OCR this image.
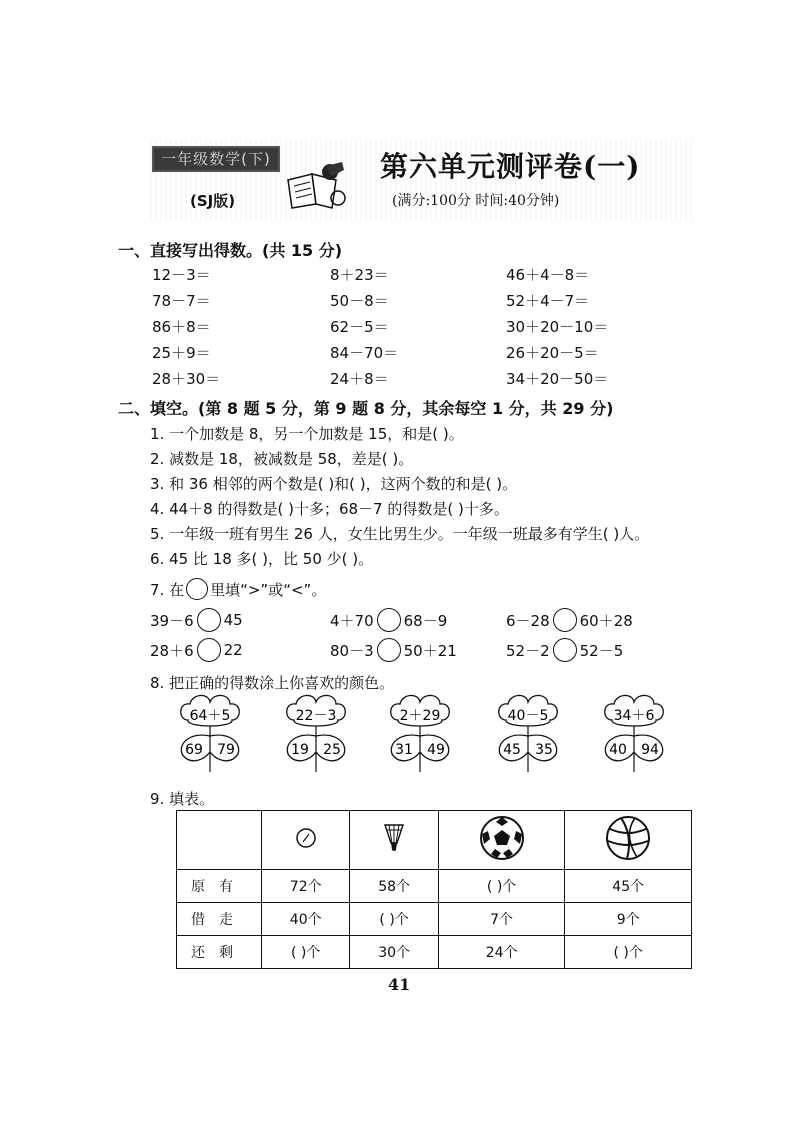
一年级数学(下)
(SJ版)
第六单元测评卷(一)
(满分:100分 时间:40分钟)
一、直接写出得数。(共 15 分)
12－3＝	8＋23＝	46＋4－8＝
78－7＝	50－8＝	52＋4－7＝
86＋8＝	62－5＝	30＋20－10＝
25＋9＝	84－70＝	26＋20－5＝
28＋30＝	24＋8＝	34＋20－50＝
二、填空。(第 8 题 5 分，第 9 题 8 分，其余每空 1 分，共 29 分)
1. 一个加数是 8，另一个加数是 15，和是( )。
2. 减数是 18，被减数是 58，差是( )。
3. 和 36 相邻的两个数是( )和( )，这两个数的和是( )。
4. 44＋8 的得数是( )十多；68－7 的得数是( )十多。
5. 一年级一班有男生 26 人，女生比男生少。一年级一班最多有学生( )人。
6. 45 比 18 多( )，比 50 少( )。
7. 在 里填“>”或“<”。
39－6 45	4＋70 68－9	6－28 60＋28
28＋6 22	80－3 50＋21	52－2 52－5
8. 把正确的得数涂上你喜欢的颜色。
64＋5
69 79
22－3
19 25
2＋29
31 49
40－5
45 35
34＋6
40 94
9. 填表。

原有	72个	58个	( )个	45个
借走	40个	( )个	7个	9个
还剩	( )个	30个	24个	( )个
41
